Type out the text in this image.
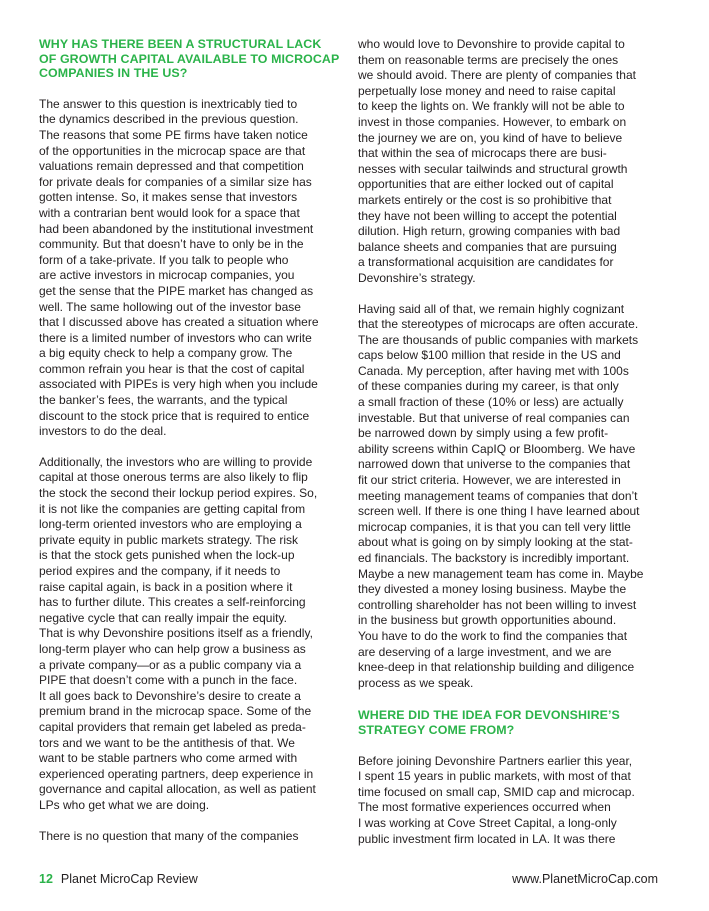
WHY HAS THERE BEEN A STRUCTURAL LACK
OF GROWTH CAPITAL AVAILABLE TO MICROCAP
COMPANIES IN THE US?

The answer to this question is inextricably tied to
the dynamics described in the previous question.
The reasons that some PE firms have taken notice
of the opportunities in the microcap space are that
valuations remain depressed and that competition
for private deals for companies of a similar size has
gotten intense. So, it makes sense that investors
with a contrarian bent would look for a space that
had been abandoned by the institutional investment
community. But that doesn’t have to only be in the
form of a take-private. If you talk to people who
are active investors in microcap companies, you
get the sense that the PIPE market has changed as
well. The same hollowing out of the investor base
that I discussed above has created a situation where
there is a limited number of investors who can write
a big equity check to help a company grow. The
common refrain you hear is that the cost of capital
associated with PIPEs is very high when you include
the banker’s fees, the warrants, and the typical
discount to the stock price that is required to entice
investors to do the deal.

Additionally, the investors who are willing to provide
capital at those onerous terms are also likely to flip
the stock the second their lockup period expires. So,
it is not like the companies are getting capital from
long-term oriented investors who are employing a
private equity in public markets strategy. The risk
is that the stock gets punished when the lock-up
period expires and the company, if it needs to
raise capital again, is back in a position where it
has to further dilute. This creates a self-reinforcing
negative cycle that can really impair the equity.
That is why Devonshire positions itself as a friendly,
long-term player who can help grow a business as
a private company—or as a public company via a
PIPE that doesn’t come with a punch in the face.
It all goes back to Devonshire’s desire to create a
premium brand in the microcap space. Some of the
capital providers that remain get labeled as preda-
tors and we want to be the antithesis of that. We
want to be stable partners who come armed with
experienced operating partners, deep experience in
governance and capital allocation, as well as patient
LPs who get what we are doing.

There is no question that many of the companies

who would love to Devonshire to provide capital to
them on reasonable terms are precisely the ones
we should avoid. There are plenty of companies that
perpetually lose money and need to raise capital
to keep the lights on. We frankly will not be able to
invest in those companies. However, to embark on
the journey we are on, you kind of have to believe
that within the sea of microcaps there are busi-
nesses with secular tailwinds and structural growth
opportunities that are either locked out of capital
markets entirely or the cost is so prohibitive that
they have not been willing to accept the potential
dilution. High return, growing companies with bad
balance sheets and companies that are pursuing
a transformational acquisition are candidates for
Devonshire’s strategy.

Having said all of that, we remain highly cognizant
that the stereotypes of microcaps are often accurate.
The are thousands of public companies with markets
caps below $100 million that reside in the US and
Canada. My perception, after having met with 100s
of these companies during my career, is that only
a small fraction of these (10% or less) are actually
investable. But that universe of real companies can
be narrowed down by simply using a few profit-
ability screens within CapIQ or Bloomberg. We have
narrowed down that universe to the companies that
fit our strict criteria. However, we are interested in
meeting management teams of companies that don’t
screen well. If there is one thing I have learned about
microcap companies, it is that you can tell very little
about what is going on by simply looking at the stat-
ed financials. The backstory is incredibly important.
Maybe a new management team has come in. Maybe
they divested a money losing business. Maybe the
controlling shareholder has not been willing to invest
in the business but growth opportunities abound.
You have to do the work to find the companies that
are deserving of a large investment, and we are
knee-deep in that relationship building and diligence
process as we speak.

WHERE DID THE IDEA FOR DEVONSHIRE’S
STRATEGY COME FROM?

Before joining Devonshire Partners earlier this year,
I spent 15 years in public markets, with most of that
time focused on small cap, SMID cap and microcap.
The most formative experiences occurred when
I was working at Cove Street Capital, a long-only
public investment firm located in LA. It was there

12 Planet MicroCap Review	www.PlanetMicroCap.com
